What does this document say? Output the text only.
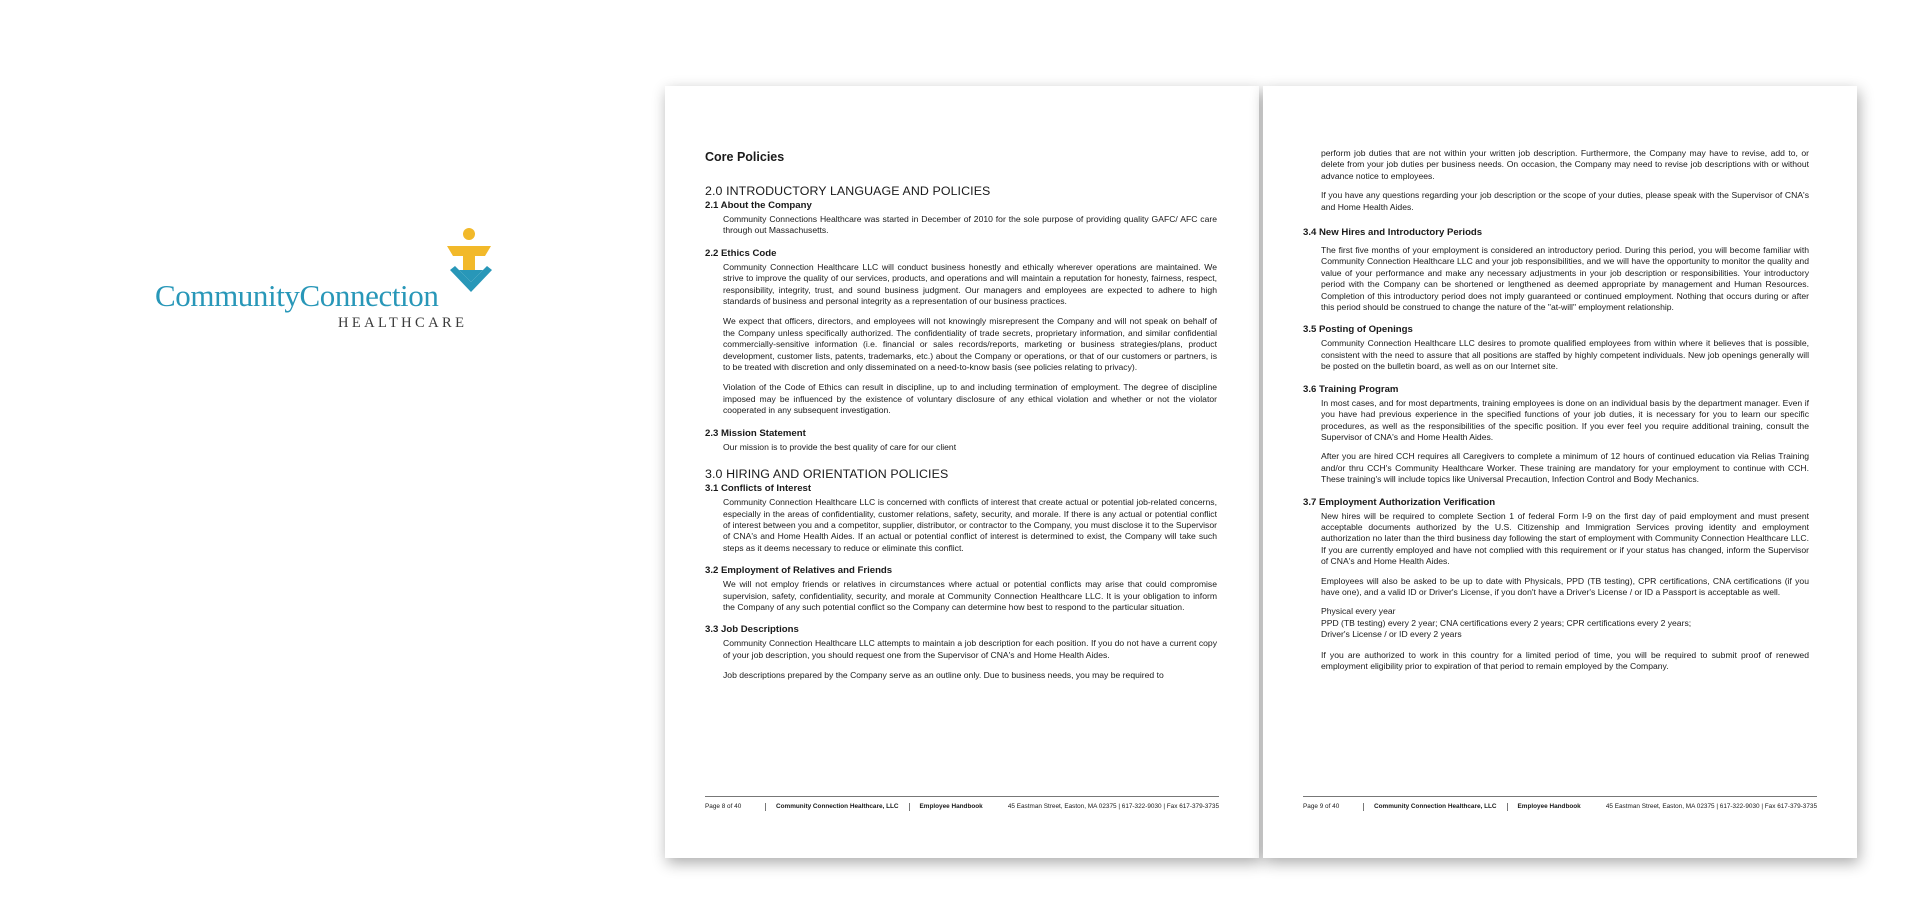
CommunityConnection
HEALTHCARE
Core Policies
2.0 INTRODUCTORY LANGUAGE AND POLICIES
2.1 About the Company

Community Connections Healthcare was started in December of 2010 for the sole purpose of providing quality GAFC/ AFC care through out Massachusetts.

2.2 Ethics Code

Community Connection Healthcare LLC will conduct business honestly and ethically wherever operations are maintained. We strive to improve the quality of our services, products, and operations and will maintain a reputation for honesty, fairness, respect, responsibility, integrity, trust, and sound business judgment. Our managers and employees are expected to adhere to high standards of business and personal integrity as a representation of our business practices.

We expect that officers, directors, and employees will not knowingly misrepresent the Company and will not speak on behalf of the Company unless specifically authorized. The confidentiality of trade secrets, proprietary information, and similar confidential commercially-sensitive information (i.e. financial or sales records/reports, marketing or business strategies/plans, product development, customer lists, patents, trademarks, etc.) about the Company or operations, or that of our customers or partners, is to be treated with discretion and only disseminated on a need-to-know basis (see policies relating to privacy).

Violation of the Code of Ethics can result in discipline, up to and including termination of employment. The degree of discipline imposed may be influenced by the existence of voluntary disclosure of any ethical violation and whether or not the violator cooperated in any subsequent investigation.

2.3 Mission Statement

Our mission is to provide the best quality of care for our client

3.0 HIRING AND ORIENTATION POLICIES
3.1 Conflicts of Interest

Community Connection Healthcare LLC is concerned with conflicts of interest that create actual or potential job-related concerns, especially in the areas of confidentiality, customer relations, safety, security, and morale. If there is any actual or potential conflict of interest between you and a competitor, supplier, distributor, or contractor to the Company, you must disclose it to the Supervisor of CNA's and Home Health Aides. If an actual or potential conflict of interest is determined to exist, the Company will take such steps as it deems necessary to reduce or eliminate this conflict.

3.2 Employment of Relatives and Friends

We will not employ friends or relatives in circumstances where actual or potential conflicts may arise that could compromise supervision, safety, confidentiality, security, and morale at Community Connection Healthcare LLC. It is your obligation to inform the Company of any such potential conflict so the Company can determine how best to respond to the particular situation.

3.3 Job Descriptions

Community Connection Healthcare LLC attempts to maintain a job description for each position. If you do not have a current copy of your job description, you should request one from the Supervisor of CNA's and Home Health Aides.

Job descriptions prepared by the Company serve as an outline only. Due to business needs, you may be required to

Page 8 of 40	Community Connection Healthcare, LLC	Employee Handbook	45 Eastman Street, Easton, MA 02375 | 617-322-9030 | Fax 617-379-3735

perform job duties that are not within your written job description. Furthermore, the Company may have to revise, add to, or delete from your job duties per business needs. On occasion, the Company may need to revise job descriptions with or without advance notice to employees.

If you have any questions regarding your job description or the scope of your duties, please speak with the Supervisor of CNA's and Home Health Aides.

3.4 New Hires and Introductory Periods

The first five months of your employment is considered an introductory period. During this period, you will become familiar with Community Connection Healthcare LLC and your job responsibilities, and we will have the opportunity to monitor the quality and value of your performance and make any necessary adjustments in your job description or responsibilities. Your introductory period with the Company can be shortened or lengthened as deemed appropriate by management and Human Resources. Completion of this introductory period does not imply guaranteed or continued employment. Nothing that occurs during or after this period should be construed to change the nature of the "at-will" employment relationship.

3.5 Posting of Openings

Community Connection Healthcare LLC desires to promote qualified employees from within where it believes that is possible, consistent with the need to assure that all positions are staffed by highly competent individuals. New job openings generally will be posted on the bulletin board, as well as on our Internet site.

3.6 Training Program

In most cases, and for most departments, training employees is done on an individual basis by the department manager. Even if you have had previous experience in the specified functions of your job duties, it is necessary for you to learn our specific procedures, as well as the responsibilities of the specific position. If you ever feel you require additional training, consult the Supervisor of CNA's and Home Health Aides.

After you are hired CCH requires all Caregivers to complete a minimum of 12 hours of continued education via Relias Training and/or thru CCH's Community Healthcare Worker. These training are mandatory for your employment to continue with CCH. These training's will include topics like Universal Precaution, Infection Control and Body Mechanics.

3.7 Employment Authorization Verification

New hires will be required to complete Section 1 of federal Form I-9 on the first day of paid employment and must present acceptable documents authorized by the U.S. Citizenship and Immigration Services proving identity and employment authorization no later than the third business day following the start of employment with Community Connection Healthcare LLC. If you are currently employed and have not complied with this requirement or if your status has changed, inform the Supervisor of CNA's and Home Health Aides.

Employees will also be asked to be up to date with Physicals, PPD (TB testing), CPR certifications, CNA certifications (if you have one), and a valid ID or Driver's License, if you don't have a Driver's License / or ID a Passport is acceptable as well.

Physical every year
PPD (TB testing) every 2 year; CNA certifications every 2 years; CPR certifications every 2 years;
Driver's License / or ID every 2 years

If you are authorized to work in this country for a limited period of time, you will be required to submit proof of renewed employment eligibility prior to expiration of that period to remain employed by the Company.

Page 9 of 40	Community Connection Healthcare, LLC	Employee Handbook	45 Eastman Street, Easton, MA 02375 | 617-322-9030 | Fax 617-379-3735
